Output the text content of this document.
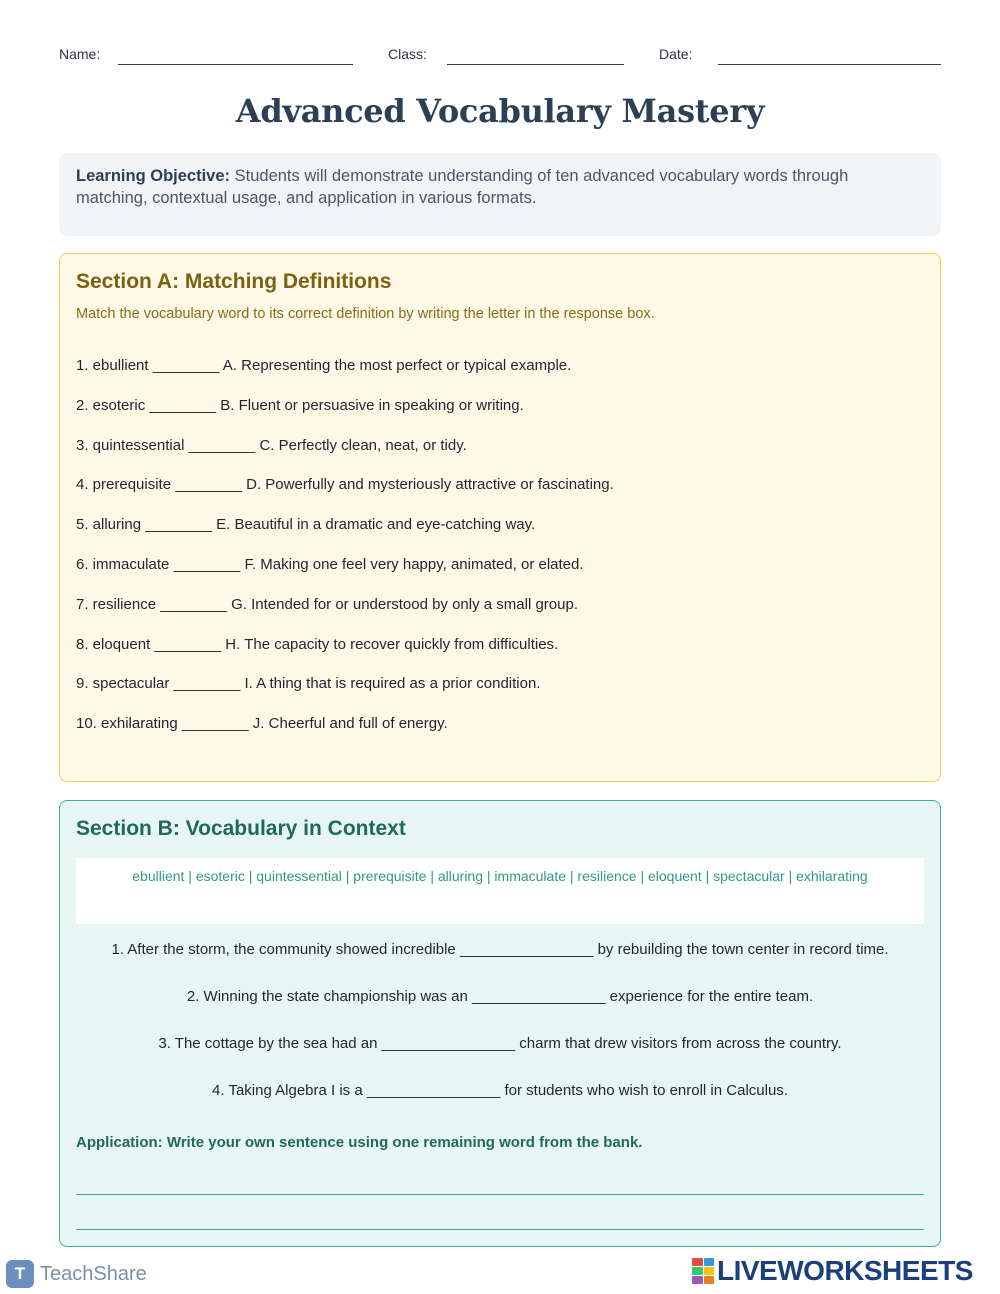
Name:	Class:	Date:
Advanced Vocabulary Mastery
Learning Objective: Students will demonstrate understanding of ten advanced vocabulary words through matching, contextual usage, and application in various formats.
Section A: Matching Definitions
Match the vocabulary word to its correct definition by writing the letter in the response box.
1. ebullient ________ A. Representing the most perfect or typical example.
2. esoteric ________ B. Fluent or persuasive in speaking or writing.
3. quintessential ________ C. Perfectly clean, neat, or tidy.
4. prerequisite ________ D. Powerfully and mysteriously attractive or fascinating.
5. alluring ________ E. Beautiful in a dramatic and eye-catching way.
6. immaculate ________ F. Making one feel very happy, animated, or elated.
7. resilience ________ G. Intended for or understood by only a small group.
8. eloquent ________ H. The capacity to recover quickly from difficulties.
9. spectacular ________ I. A thing that is required as a prior condition.
10. exhilarating ________ J. Cheerful and full of energy.
Section B: Vocabulary in Context
ebullient | esoteric | quintessential | prerequisite | alluring | immaculate | resilience | eloquent | spectacular | exhilarating
1. After the storm, the community showed incredible ________________ by rebuilding the town center in record time.
2. Winning the state championship was an ________________ experience for the entire team.
3. The cottage by the sea had an ________________ charm that drew visitors from across the country.
4. Taking Algebra I is a ________________ for students who wish to enroll in Calculus.
Application: Write your own sentence using one remaining word from the bank.
T TeachShare	LIVEWORKSHEETS
